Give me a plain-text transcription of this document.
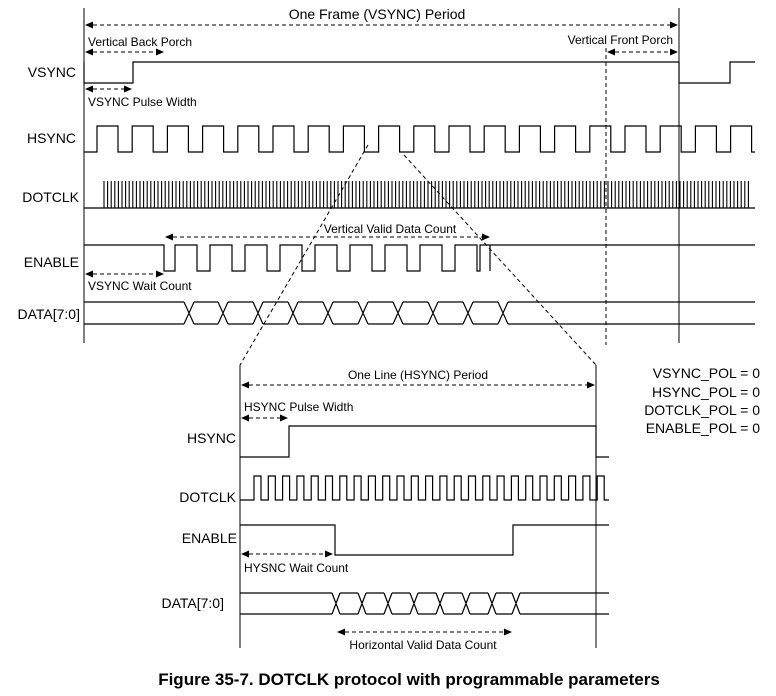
One Frame (VSYNC) Period
Vertical Back Porch	Vertical Front Porch
VSYNC Pulse Width
VSYNC
HSYNC
DOTCLK
ENABLE
Vertical Valid Data Count
VSYNC Wait Count
DATA[7:0]
VSYNC_POL = 0
HSYNC_POL = 0
DOTCLK_POL = 0
ENABLE_POL = 0
One Line (HSYNC) Period
HSYNC Pulse Width
HSYNC
DOTCLK
ENABLE
HYSNC Wait Count
DATA[7:0]
Horizontal Valid Data Count
Figure 35-7. DOTCLK protocol with programmable parameters
